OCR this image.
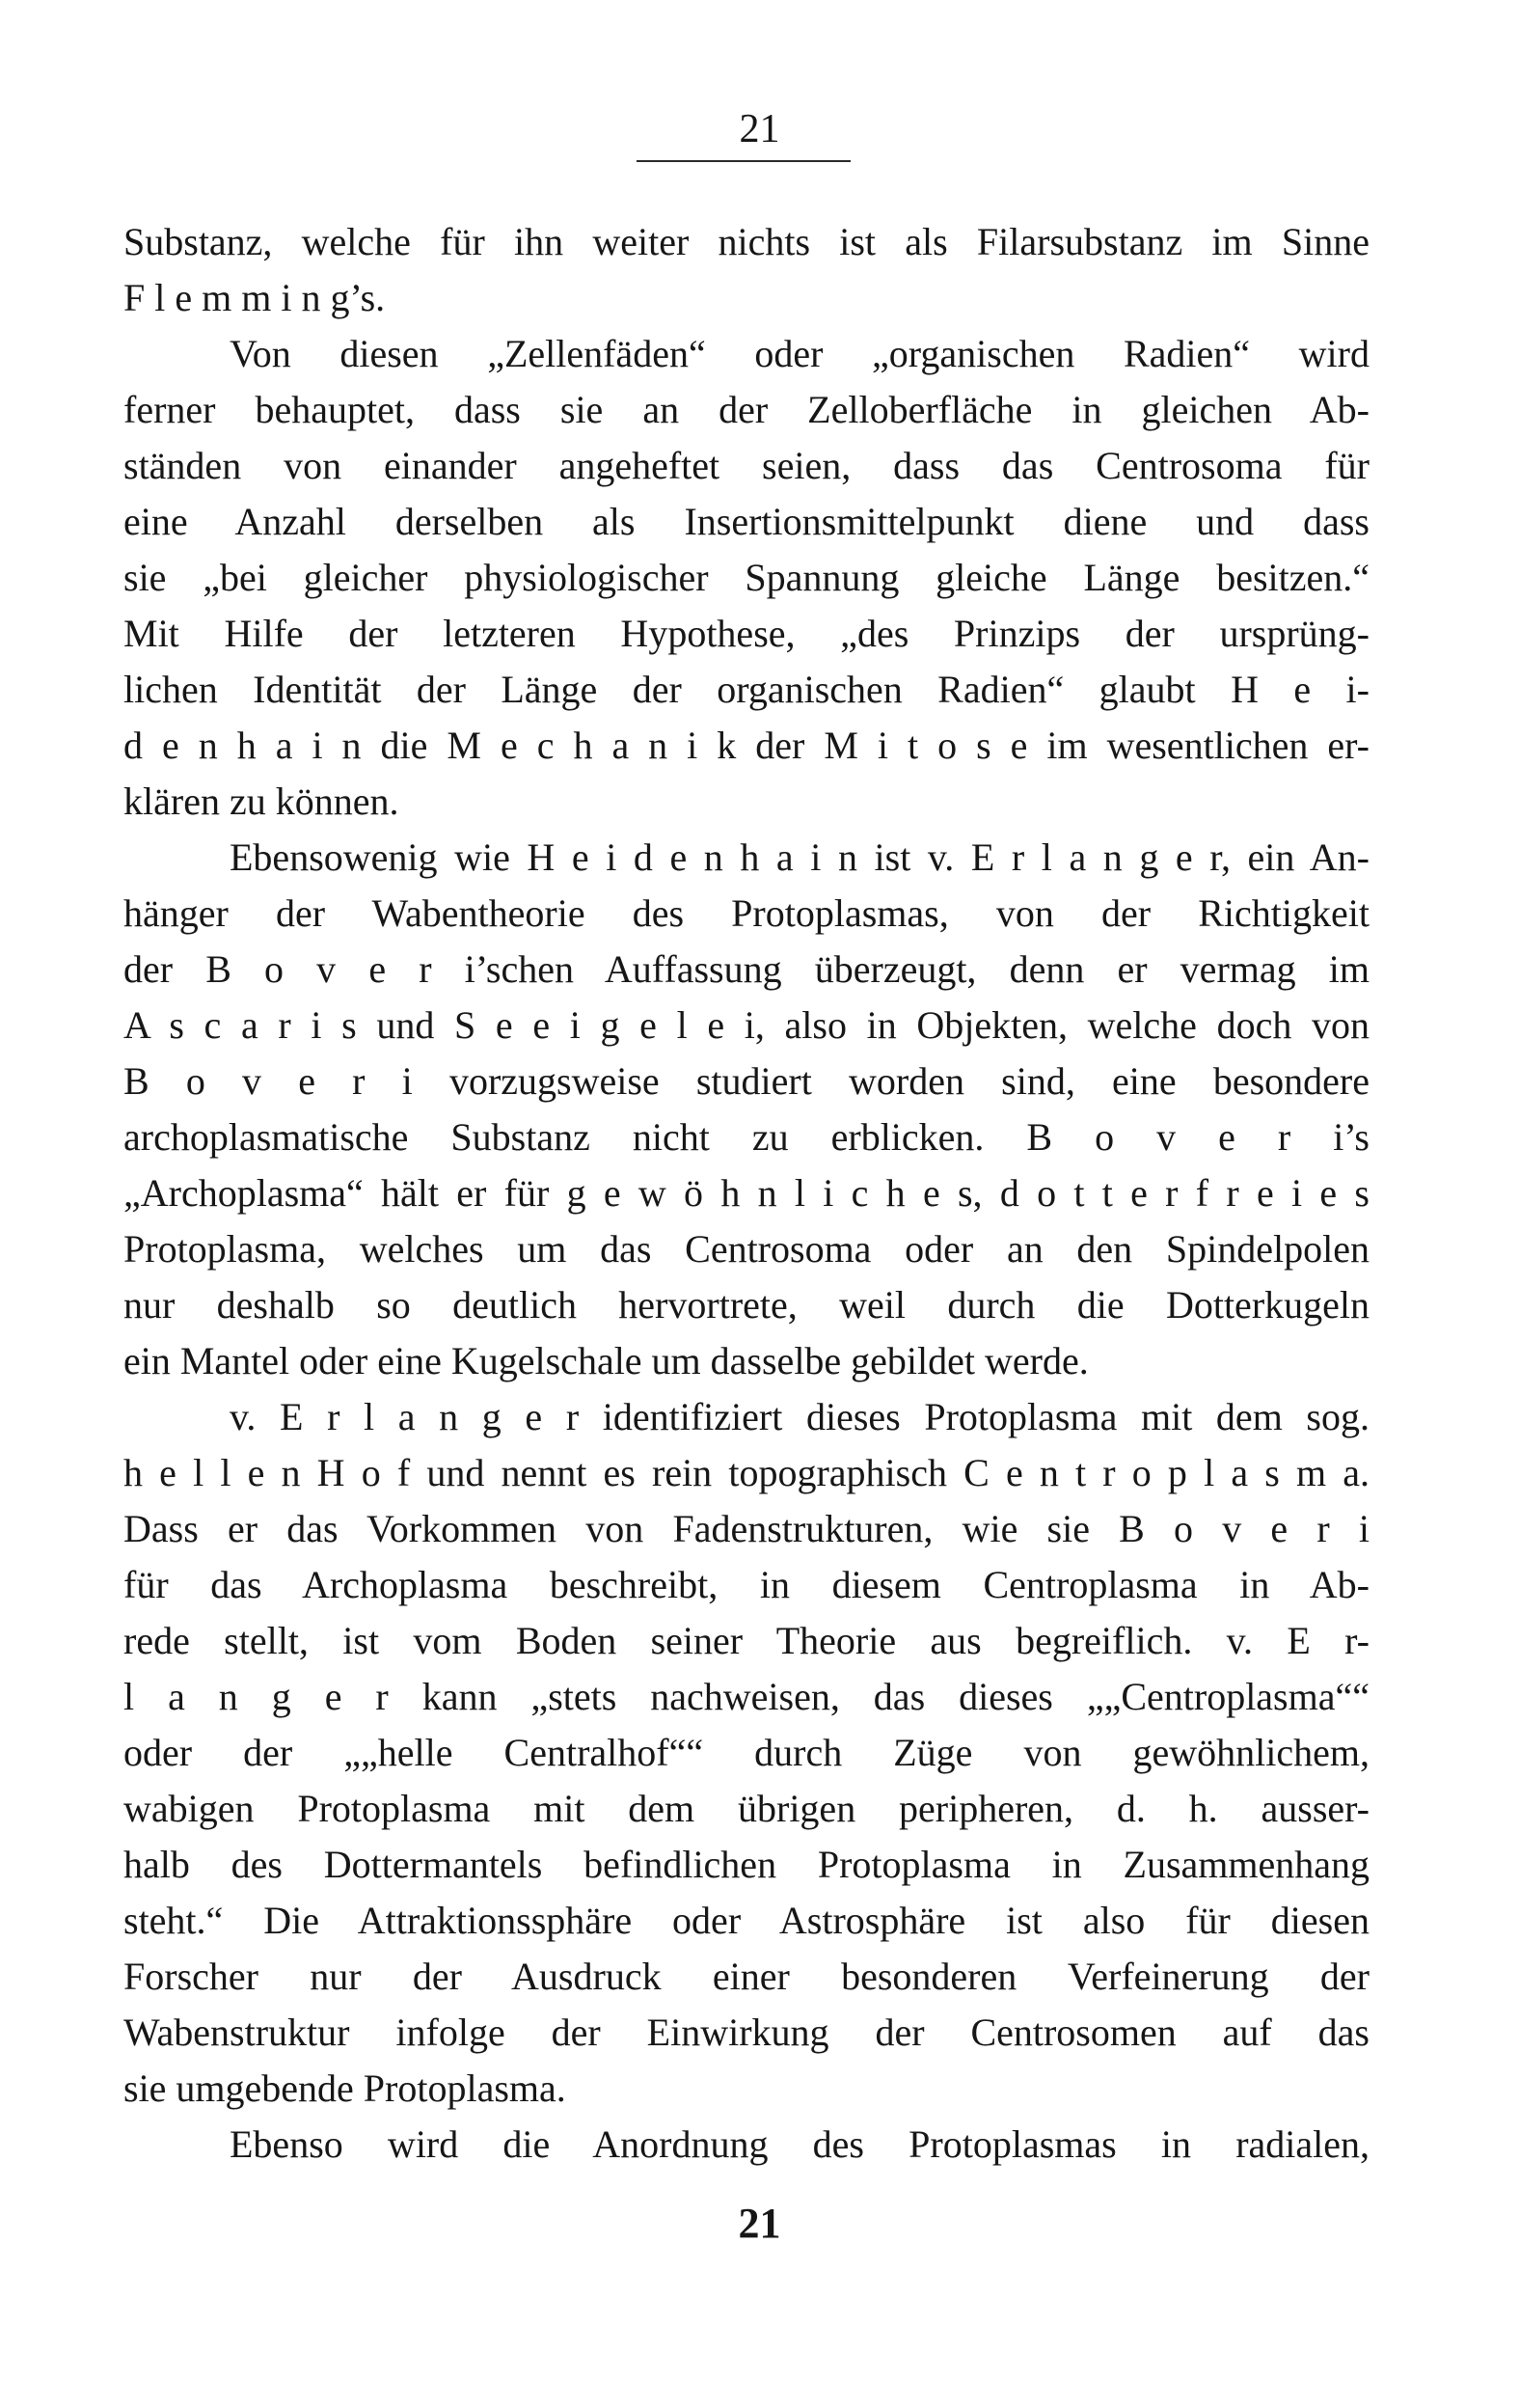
21
Substanz, welche für ihn weiter nichts ist als Filarsubstanz im Sinne
F l e m m i n g’s.
Von diesen „Zellenfäden“ oder „organischen Radien“ wird
ferner behauptet, dass sie an der Zelloberfläche in gleichen Ab-
ständen von einander angeheftet seien, dass das Centrosoma für
eine Anzahl derselben als Insertionsmittelpunkt diene und dass
sie „bei gleicher physiologischer Spannung gleiche Länge besitzen.“
Mit Hilfe der letzteren Hypothese, „des Prinzips der ursprüng-
lichen Identität der Länge der organischen Radien“ glaubt H e i-
d e n h a i n die M e c h a n i k der M i t o s e im wesentlichen er-
klären zu können.
Ebensowenig wie H e i d e n h a i n ist v. E r l a n g e r, ein An-
hänger der Wabentheorie des Protoplasmas, von der Richtigkeit
der B o v e r i’schen Auffassung überzeugt, denn er vermag im
A s c a r i s und S e e i g e l e i, also in Objekten, welche doch von
B o v e r i vorzugsweise studiert worden sind, eine besondere
archoplasmatische Substanz nicht zu erblicken. B o v e r i’s
„Archoplasma“ hält er für g e w ö h n l i c h e s, d o t t e r f r e i e s
Protoplasma, welches um das Centrosoma oder an den Spindelpolen
nur deshalb so deutlich hervortrete, weil durch die Dotterkugeln
ein Mantel oder eine Kugelschale um dasselbe gebildet werde.
v. E r l a n g e r identifiziert dieses Protoplasma mit dem sog.
h e l l e n H o f und nennt es rein topographisch C e n t r o p l a s m a.
Dass er das Vorkommen von Fadenstrukturen, wie sie B o v e r i
für das Archoplasma beschreibt, in diesem Centroplasma in Ab-
rede stellt, ist vom Boden seiner Theorie aus begreiflich. v. E r-
l a n g e r kann „stets nachweisen, das dieses „„Centroplasma““
oder der „„helle Centralhof““ durch Züge von gewöhnlichem,
wabigen Protoplasma mit dem übrigen peripheren, d. h. ausser-
halb des Dottermantels befindlichen Protoplasma in Zusammenhang
steht.“ Die Attraktionssphäre oder Astrosphäre ist also für diesen
Forscher nur der Ausdruck einer besonderen Verfeinerung der
Wabenstruktur infolge der Einwirkung der Centrosomen auf das
sie umgebende Protoplasma.
Ebenso wird die Anordnung des Protoplasmas in radialen,
21
